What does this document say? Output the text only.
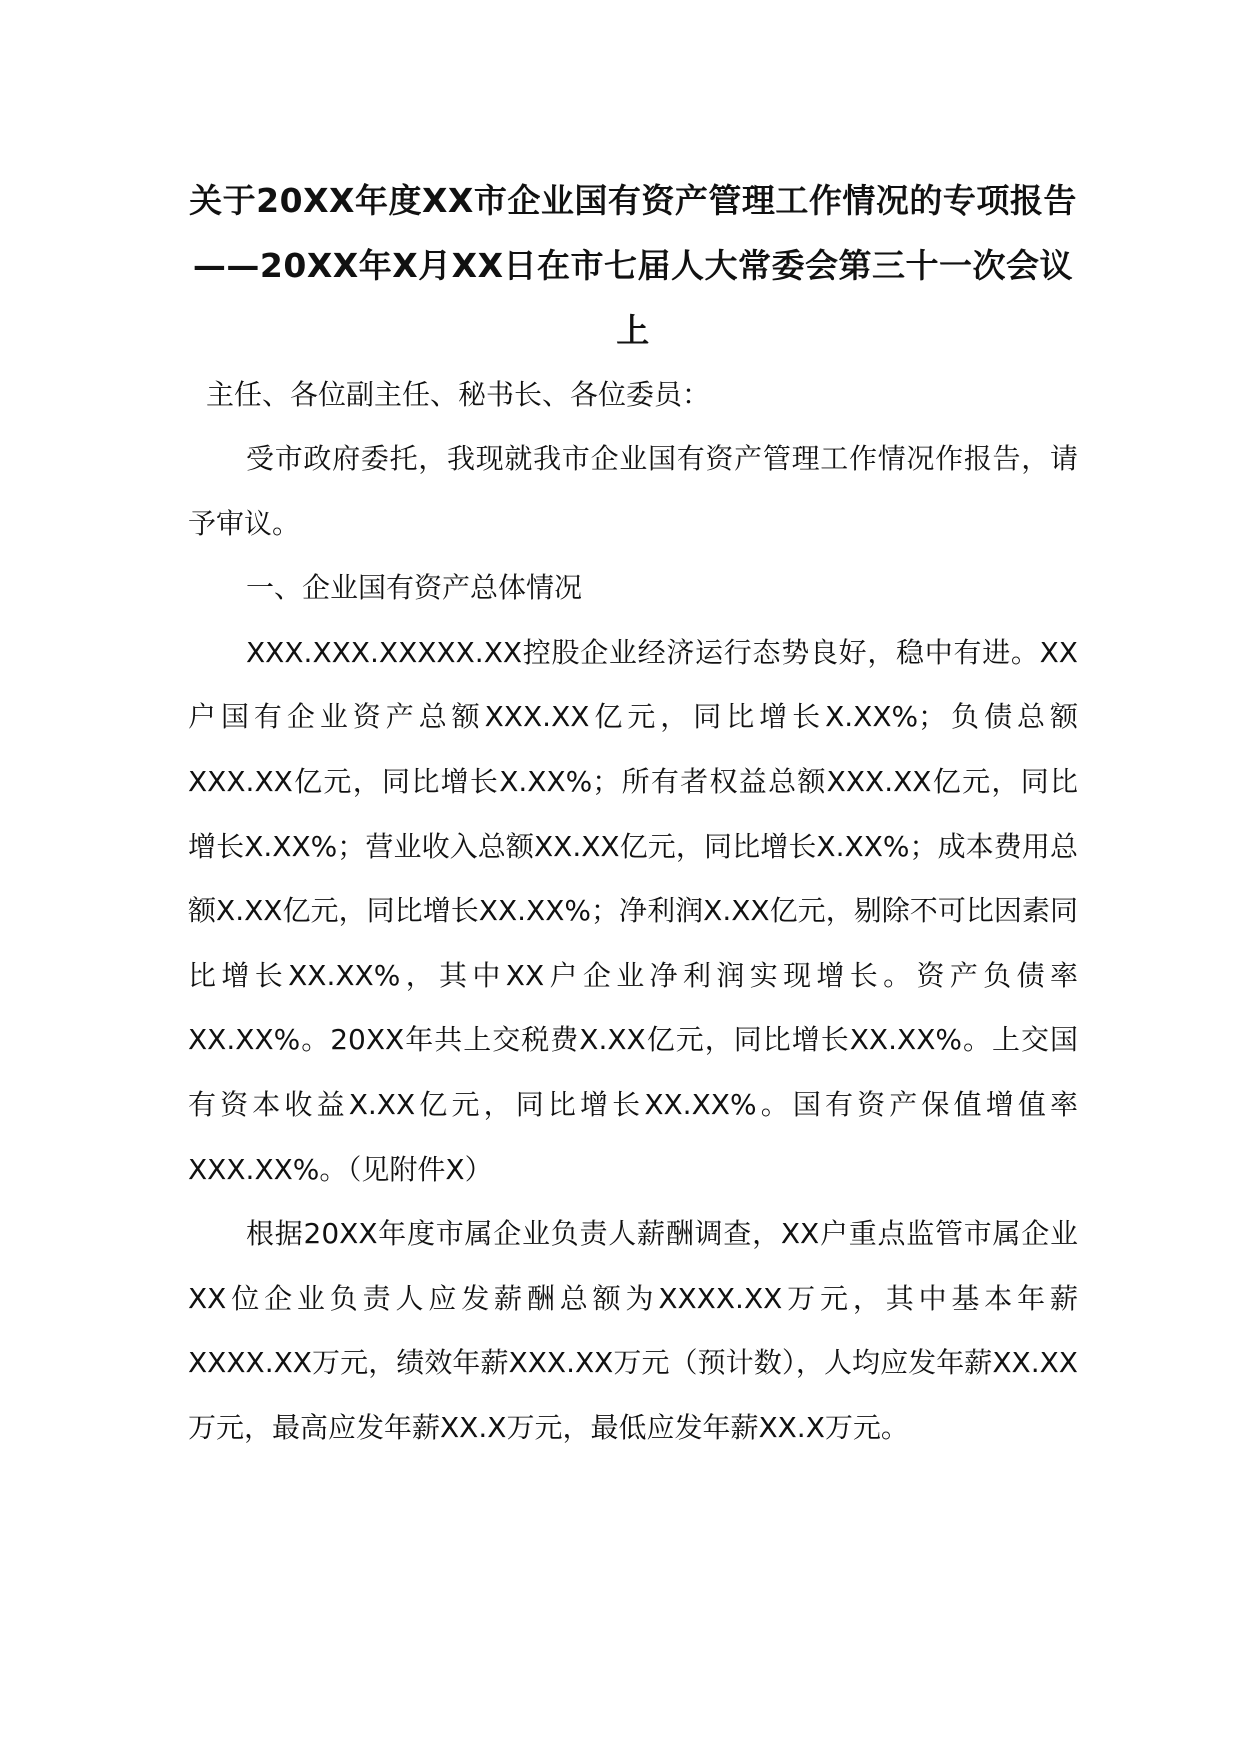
关于20XX年度XX市企业国有资产管理工作情况的专项报告
——20XX年X月XX日在市七届人大常委会第三十一次会议上

主任、各位副主任、秘书长、各位委员：

受市政府委托，我现就我市企业国有资产管理工作情况作报告，请予审议。

一、企业国有资产总体情况

XXX.XXX.XXXXX.XX控股企业经济运行态势良好，稳中有进。XX户国有企业资产总额XXX.XX亿元，同比增长X.XX%；负债总额XXX.XX亿元，同比增长X.XX%；所有者权益总额XXX.XX亿元，同比增长X.XX%；营业收入总额XX.XX亿元，同比增长X.XX%；成本费用总额X.XX亿元，同比增长XX.XX%；净利润X.XX亿元，剔除不可比因素同比增长XX.XX%，其中XX户企业净利润实现增长。资产负债率XX.XX%。20XX年共上交税费X.XX亿元，同比增长XX.XX%。上交国有资本收益X.XX亿元，同比增长XX.XX%。国有资产保值增值率XXX.XX%。（见附件X）

根据20XX年度市属企业负责人薪酬调查，XX户重点监管市属企业XX位企业负责人应发薪酬总额为XXXX.XX万元，其中基本年薪XXXX.XX万元，绩效年薪XXX.XX万元（预计数），人均应发年薪XX.XX万元，最高应发年薪XX.X万元，最低应发年薪XX.X万元。
